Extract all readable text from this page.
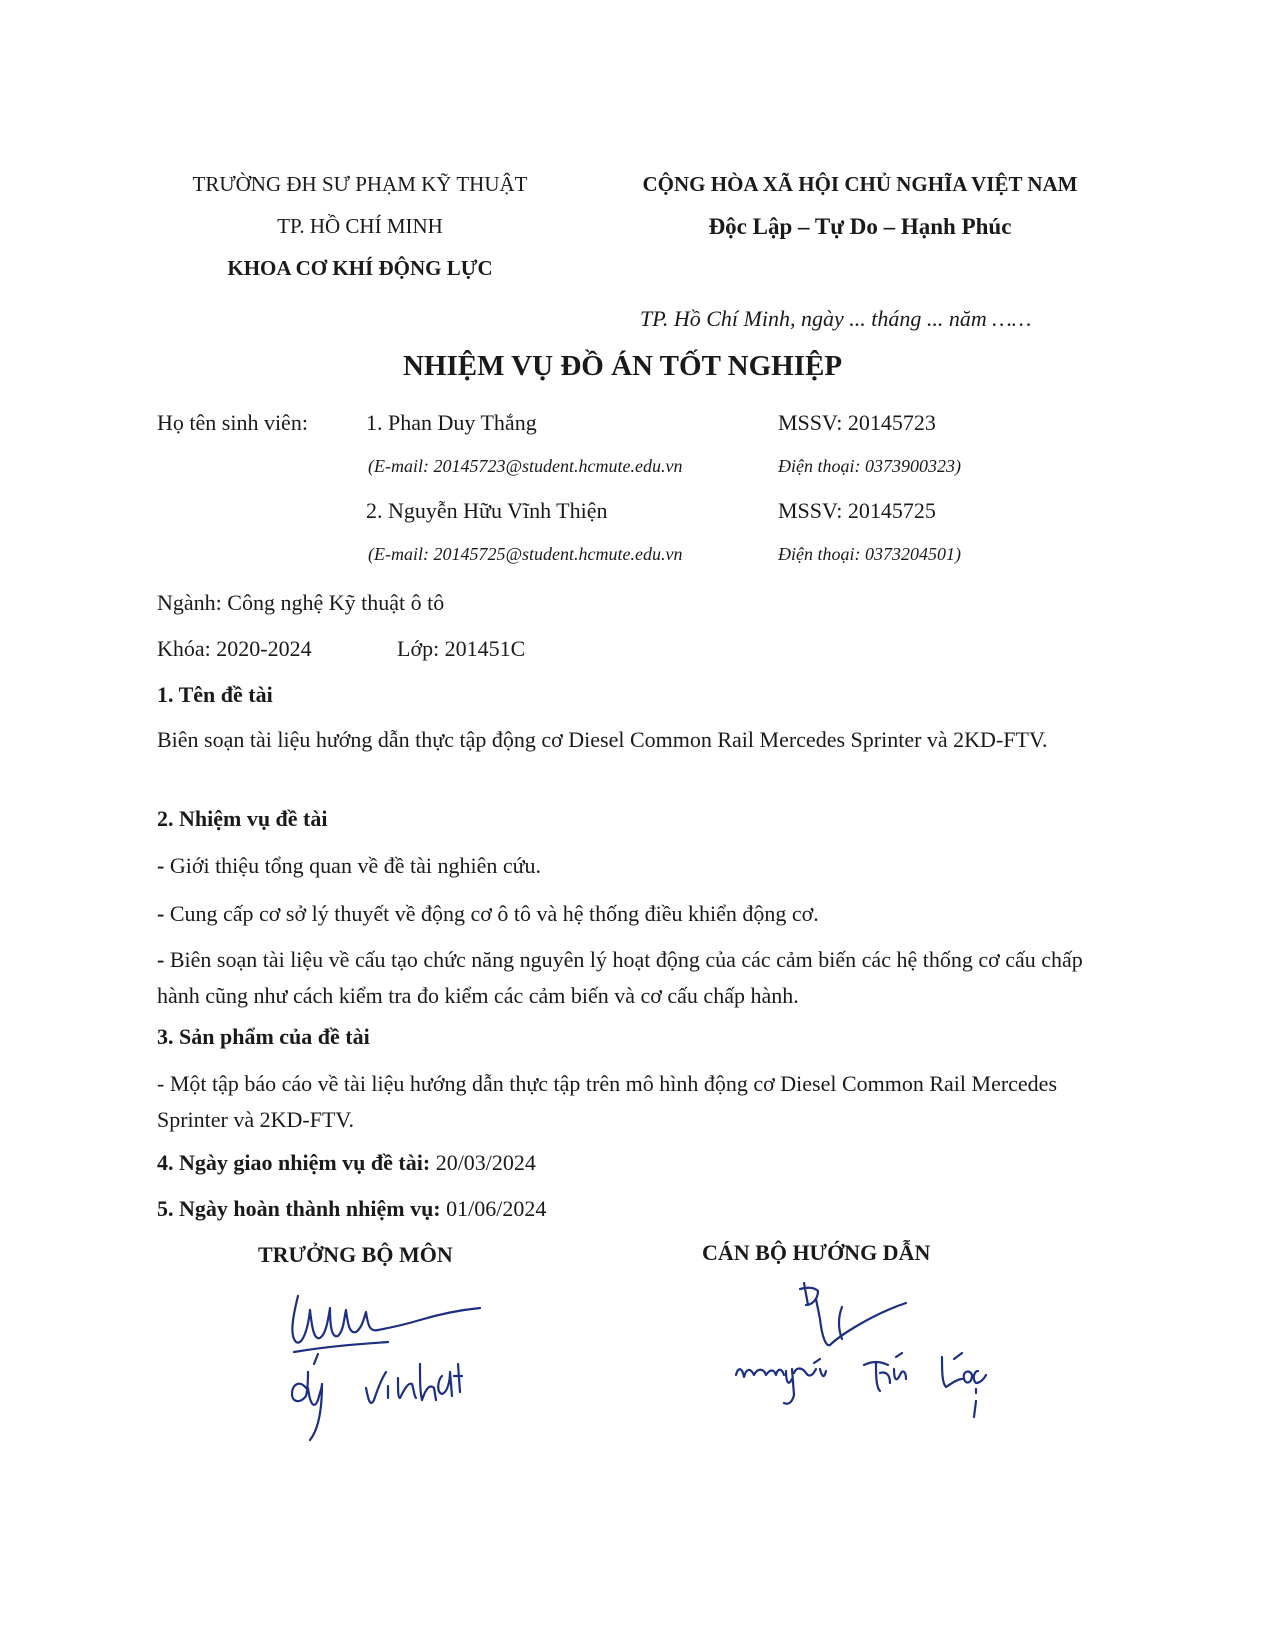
TRƯỜNG ĐH SƯ PHẠM KỸ THUẬT
TP. HỒ CHÍ MINH
KHOA CƠ KHÍ ĐỘNG LỰC
CỘNG HÒA XÃ HỘI CHỦ NGHĨA VIỆT NAM
Độc Lập – Tự Do – Hạnh Phúc
TP. Hồ Chí Minh, ngày ... tháng ... năm ……
NHIỆM VỤ ĐỒ ÁN TỐT NGHIỆP
Họ tên sinh viên:	1. Phan Duy Thắng	MSSV: 20145723
(E-mail: 20145723@student.hcmute.edu.vn	Điện thoại: 0373900323)
2. Nguyễn Hữu Vĩnh Thiện	MSSV: 20145725
(E-mail: 20145725@student.hcmute.edu.vn	Điện thoại: 0373204501)
Ngành: Công nghệ Kỹ thuật ô tô
Khóa: 2020-2024	Lớp: 201451C
1. Tên đề tài
Biên soạn tài liệu hướng dẫn thực tập động cơ Diesel Common Rail Mercedes Sprinter và 2KD-FTV.
2. Nhiệm vụ đề tài
- Giới thiệu tổng quan về đề tài nghiên cứu.
- Cung cấp cơ sở lý thuyết về động cơ ô tô và hệ thống điều khiển động cơ.
- Biên soạn tài liệu về cấu tạo chức năng nguyên lý hoạt động của các cảm biến các hệ thống cơ cấu chấp hành cũng như cách kiểm tra đo kiểm các cảm biến và cơ cấu chấp hành.
3. Sản phẩm của đề tài
- Một tập báo cáo về tài liệu hướng dẫn thực tập trên mô hình động cơ Diesel Common Rail Mercedes Sprinter và 2KD-FTV.
4. Ngày giao nhiệm vụ đề tài: 20/03/2024
5. Ngày hoàn thành nhiệm vụ: 01/06/2024
TRƯỞNG BỘ MÔN	CÁN BỘ HƯỚNG DẪN
